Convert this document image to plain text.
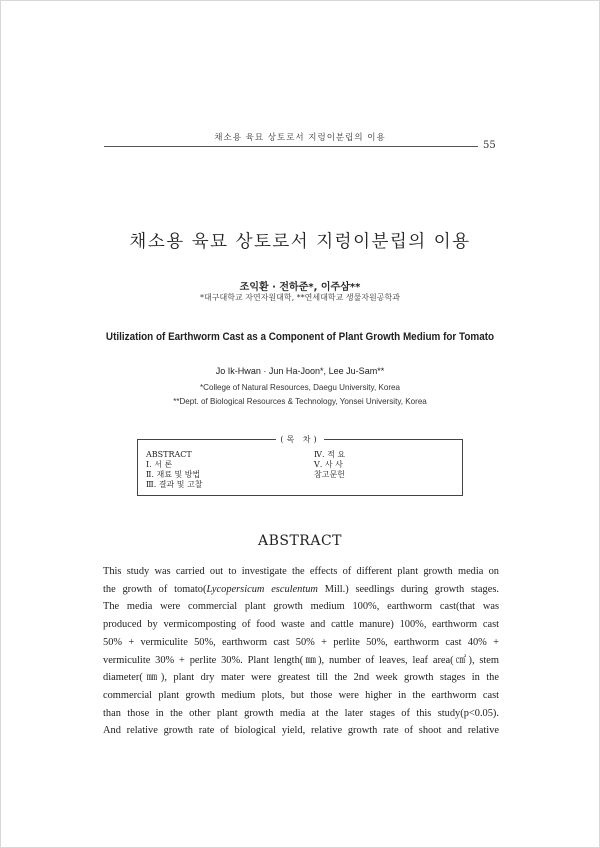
채소용 육묘 상토로서 지렁이분립의 이용
55
채소용 육묘 상토로서 지렁이분립의 이용
조익환 · 전하준*, 이주삼**
*대구대학교 자연자원대학, **연세대학교 생물자원공학과
Utilization of Earthworm Cast as a Component of Plant Growth Medium for Tomato
Jo Ik-Hwan · Jun Ha-Joon*, Lee Ju-Sam**
*College of Natural Resources, Daegu University, Korea
**Dept. of Biological Resources & Technology, Yonsei University, Korea
(목 차)
ABSTRACT
Ⅰ. 서 론
Ⅱ. 재료 및 방법
Ⅲ. 결과 및 고찰
Ⅳ. 적 요
Ⅴ. 사 사
참고문헌
ABSTRACT
This study was carried out to investigate the effects of different plant growth media on
the growth of tomato(Lycopersicum esculentum Mill.) seedlings during growth stages.
The media were commercial plant growth medium 100%, earthworm cast(that was
produced by vermicomposting of food waste and cattle manure) 100%, earthworm cast
50% + vermiculite 50%, earthworm cast 50% + perlite 50%, earthworm cast 40% +
vermiculite 30% + perlite 30%. Plant length(㎜), number of leaves, leaf area(㎠), stem
diameter(㎜), plant dry mater were greatest till the 2nd week growth stages in the
commercial plant growth medium plots, but those were higher in the earthworm cast
than those in the other plant growth media at the later stages of this study(p<0.05).
And relative growth rate of biological yield, relative growth rate of shoot and relative
